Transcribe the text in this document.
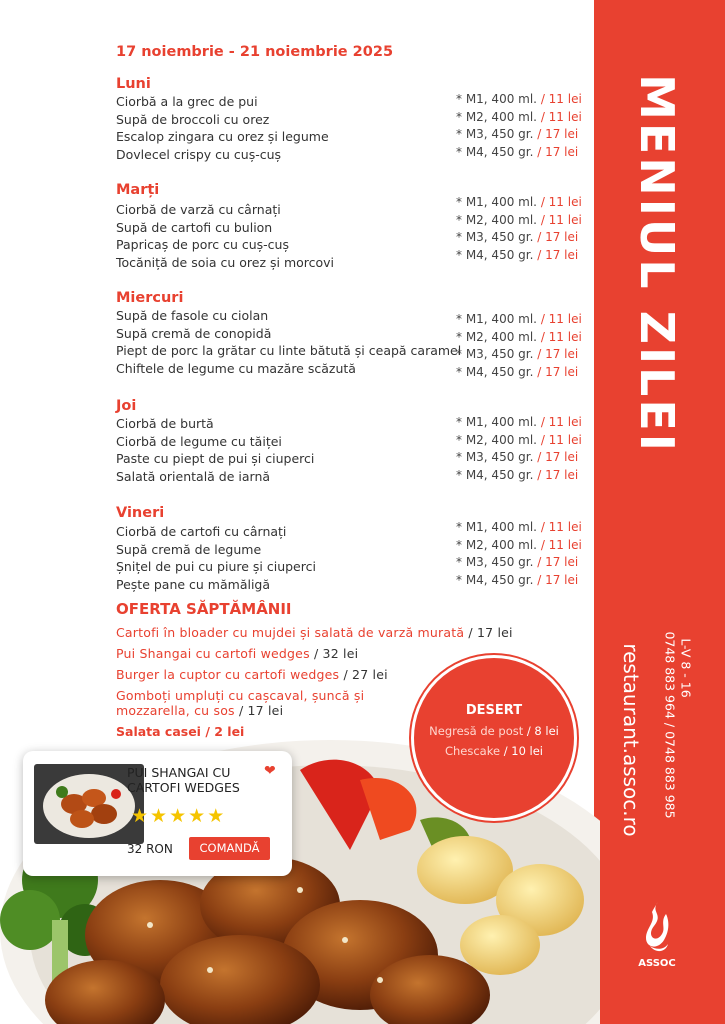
MENIUL ZILEI
restaurant.assoc.ro 0748 883 964 / 0748 883 985 L-V 8 - 16
ASSOC
17 noiembrie - 21 noiembrie 2025
Luni
Ciorbă a la grec de pui
Supă de broccoli cu orez
Escalop zingara cu orez și legume
Dovlecel crispy cu cuș-cuș
* M1, 400 ml. / 11 lei
* M2, 400 ml. / 11 lei
* M3, 450 gr. / 17 lei
* M4, 450 gr. / 17 lei
Marți
Ciorbă de varză cu cârnați
Supă de cartofi cu bulion
Papricaș de porc cu cuș-cuș
Tocăniță de soia cu orez și morcovi
* M1, 400 ml. / 11 lei
* M2, 400 ml. / 11 lei
* M3, 450 gr. / 17 lei
* M4, 450 gr. / 17 lei
Miercuri
Supă de fasole cu ciolan
Supă cremă de conopidă
Piept de porc la grătar cu linte bătută și ceapă caramel
Chiftele de legume cu mazăre scăzută
* M1, 400 ml. / 11 lei
* M2, 400 ml. / 11 lei
* M3, 450 gr. / 17 lei
* M4, 450 gr. / 17 lei
Joi
Ciorbă de burtă
Ciorbă de legume cu tăiței
Paste cu piept de pui și ciuperci
Salată orientală de iarnă
* M1, 400 ml. / 11 lei
* M2, 400 ml. / 11 lei
* M3, 450 gr. / 17 lei
* M4, 450 gr. / 17 lei
Vineri
Ciorbă de cartofi cu cârnați
Supă cremă de legume
Șnițel de pui cu piure și ciuperci
Pește pane cu mămăligă
* M1, 400 ml. / 11 lei
* M2, 400 ml. / 11 lei
* M3, 450 gr. / 17 lei
* M4, 450 gr. / 17 lei
OFERTA SĂPTĂMÂNII
Cartofi în bloader cu mujdei și salată de varză murată / 17 lei
Pui Shangai cu cartofi wedges / 32 lei
Burger la cuptor cu cartofi wedges / 27 lei
Gomboți umpluți cu cașcaval, șuncă și mozzarella, cu sos / 17 lei
Salata casei / 2 lei
DESERT
Negresă de post / 8 lei
Chescake / 10 lei
PUI SHANGAI CU CARTOFI WEDGES
❤
★★★★★
32 RON	COMANDĂ
